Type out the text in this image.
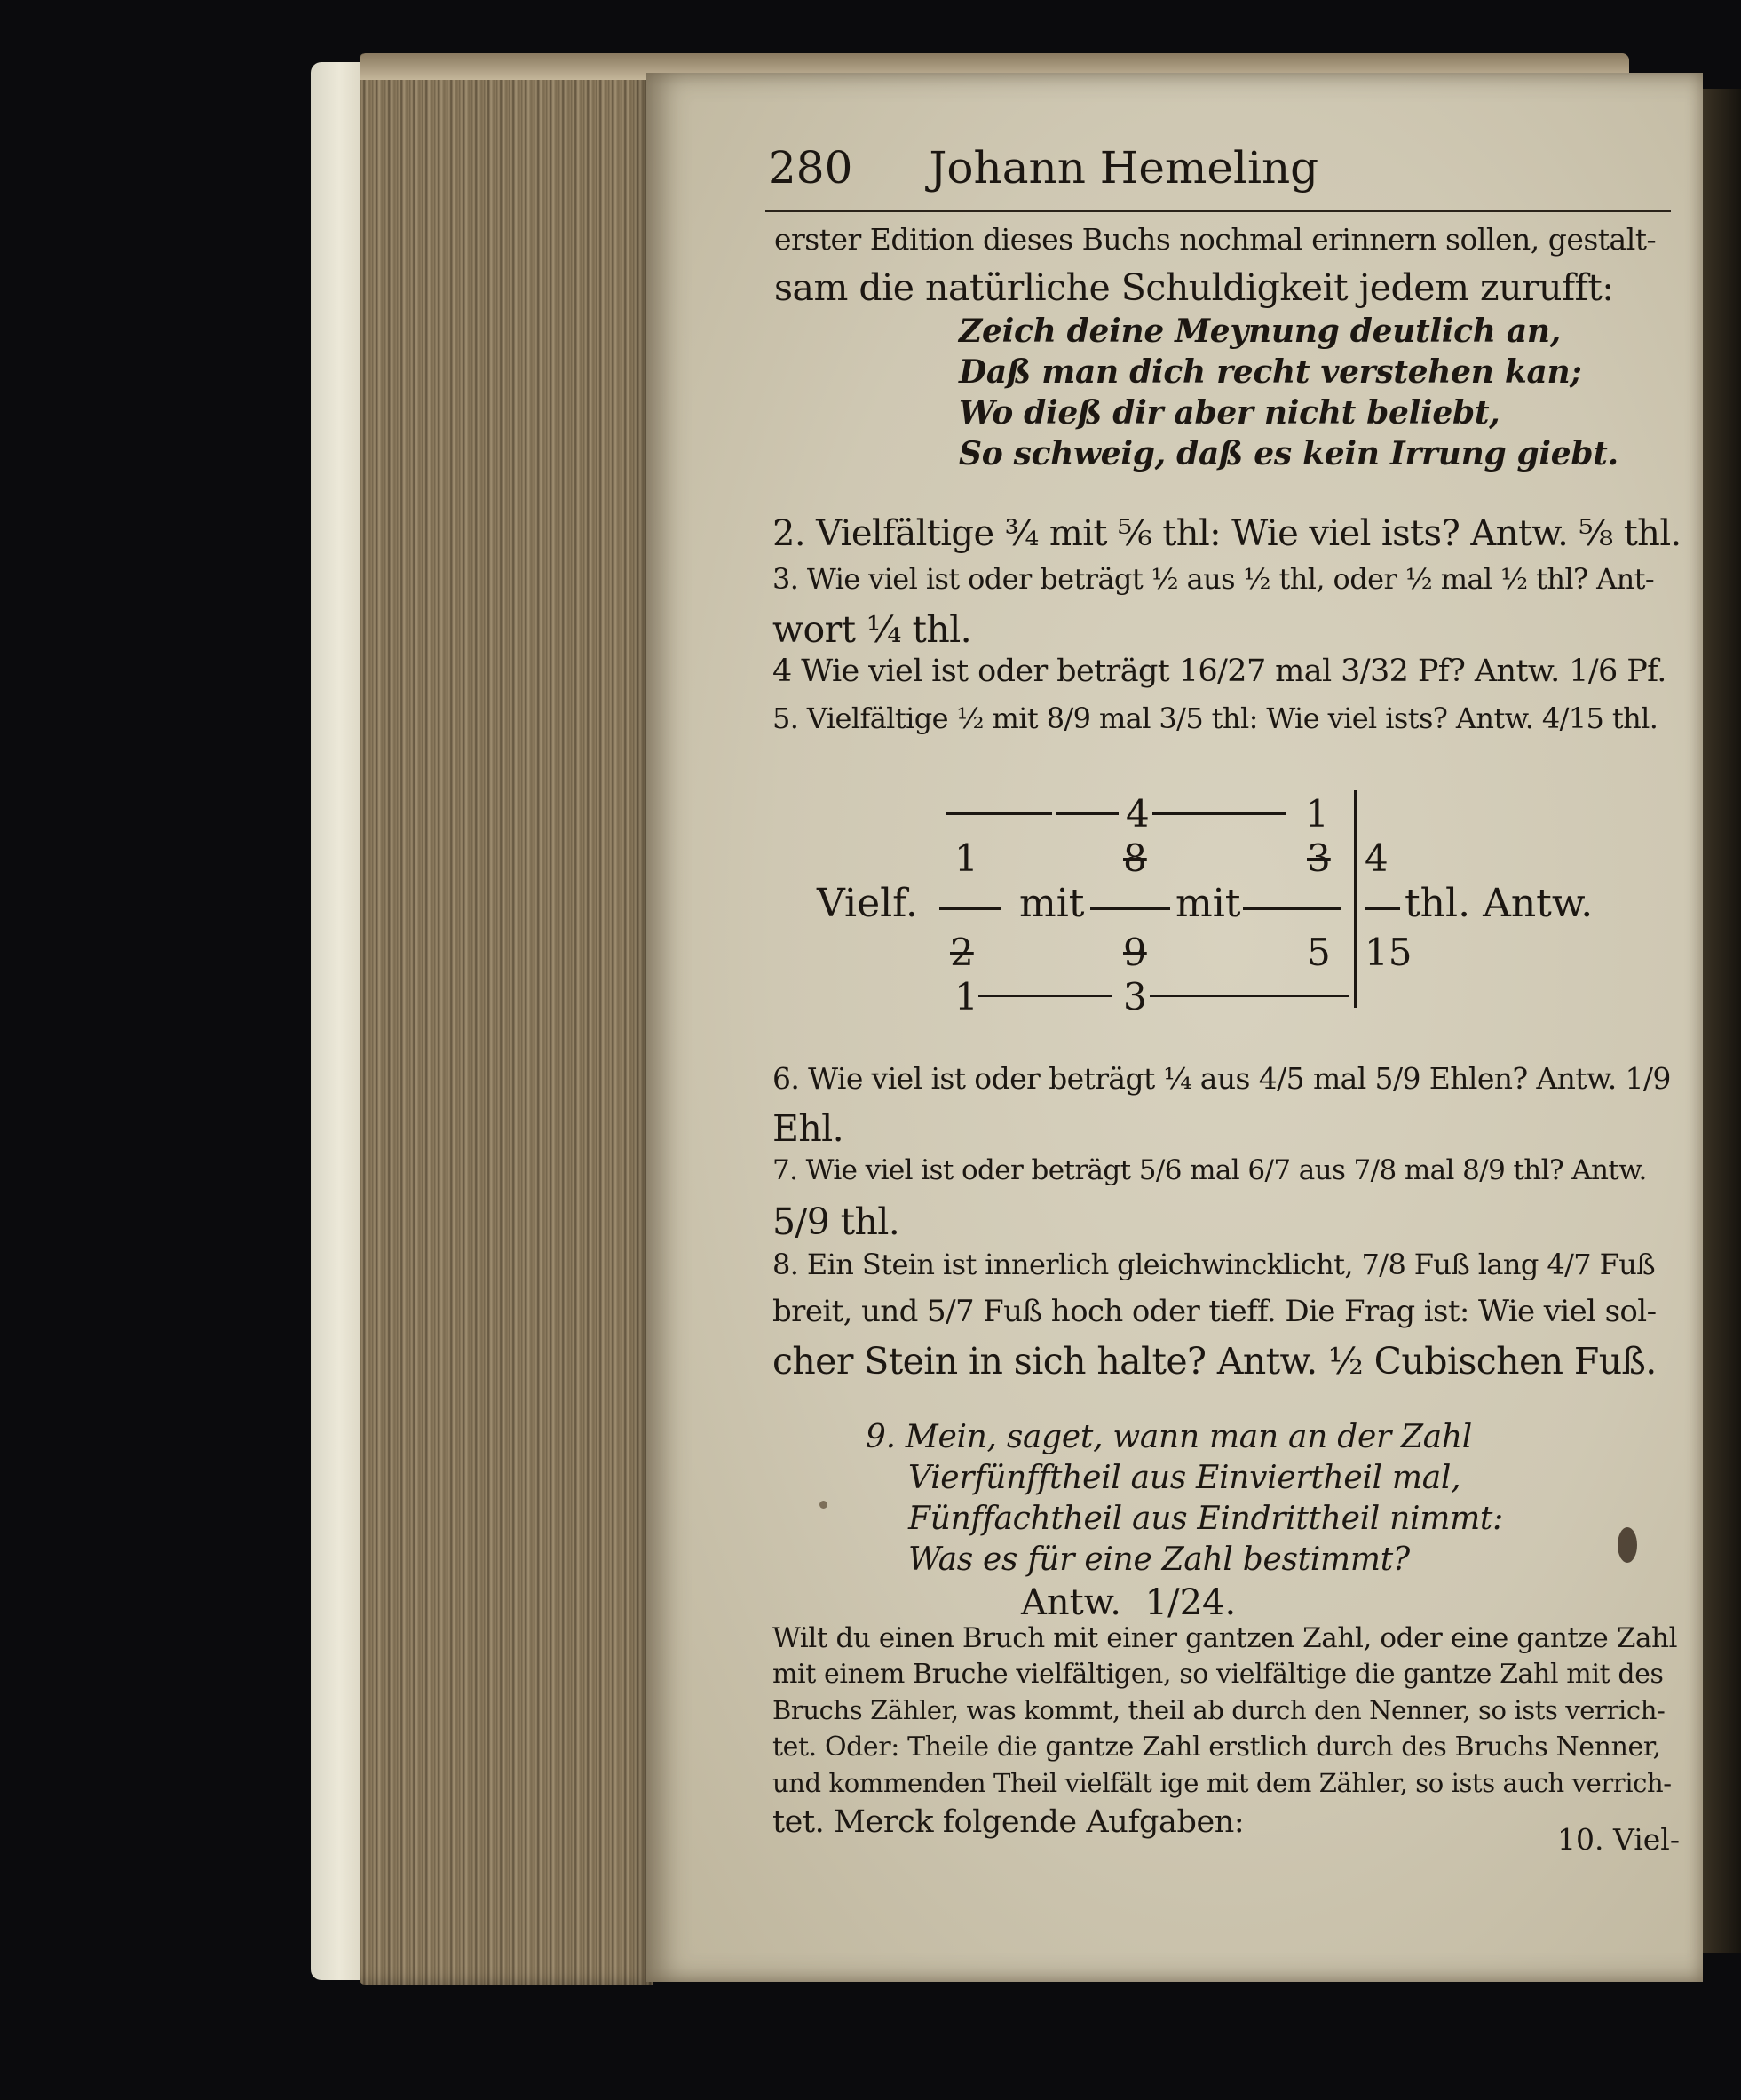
280 Johann Hemeling
erster Edition dieses Buchs nochmal erinnern sollen, gestalt-
sam die natürliche Schuldigkeit jedem zurufft:
Zeich deine Meynung deutlich an,
Daß man dich recht verstehen kan;
Wo dieß dir aber nicht beliebt,
So schweig, daß es kein Irrung giebt.
2. Vielfältige ¾ mit ⅚ thl: Wie viel ists? Antw. ⅝ thl.
3. Wie viel ist oder beträgt ½ aus ½ thl, oder ½ mal ½ thl? Ant-
wort ¼ thl.
4 Wie viel ist oder beträgt 16/27 mal 3/32 Pf? Antw. 1/6 Pf.
5. Vielfältige ½ mit 8/9 mal 3/5 thl: Wie viel ists? Antw. 4/15 thl.
4	1
1	8	3 4
Vielf.	mit mit	thl. Antw.
2	9	5 15
1	3
6. Wie viel ist oder beträgt ¼ aus 4/5 mal 5/9 Ehlen? Antw. 1/9
Ehl.
7. Wie viel ist oder beträgt 5/6 mal 6/7 aus 7/8 mal 8/9 thl? Antw.
5/9 thl.
8. Ein Stein ist innerlich gleichwincklicht, 7/8 Fuß lang 4/7 Fuß
breit, und 5/7 Fuß hoch oder tieff. Die Frag ist: Wie viel sol-
cher Stein in sich halte? Antw. ½ Cubischen Fuß.
9. Mein, saget, wann man an der Zahl
Vierfünfftheil aus Einviertheil mal,
Fünffachtheil aus Eindrittheil nimmt:
Was es für eine Zahl bestimmt?
Antw. 1/24.
Wilt du einen Bruch mit einer gantzen Zahl, oder eine gantze Zahl
mit einem Bruche vielfältigen, so vielfältige die gantze Zahl mit des
Bruchs Zähler, was kommt, theil ab durch den Nenner, so ists verrich-
tet. Oder: Theile die gantze Zahl erstlich durch des Bruchs Nenner,
und kommenden Theil vielfält ige mit dem Zähler, so ists auch verrich-
tet. Merck folgende Aufgaben:	10. Viel-
